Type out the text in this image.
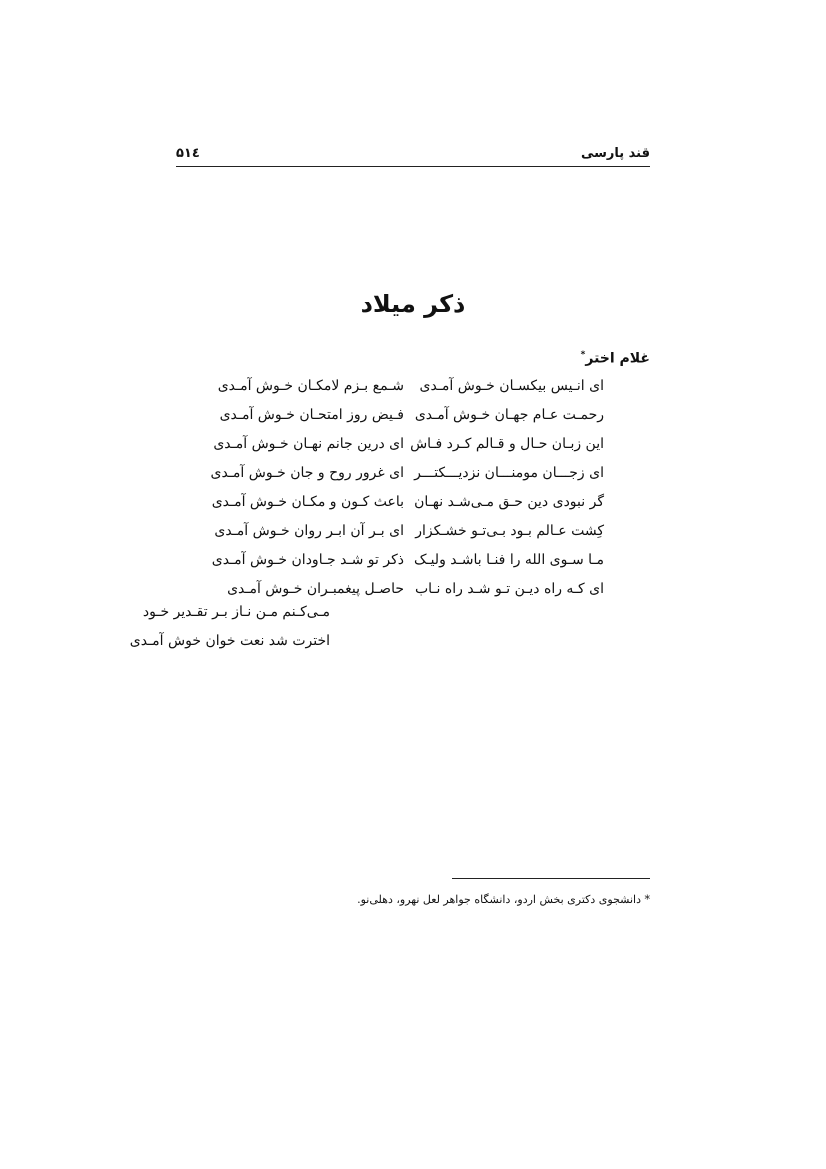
قند پارسی
۵۱٤
ذکر میلاد
غلام اختر*
ای انـیس بیکسـان خـوش آمـدی
شـمع بـزم لامکـان خـوش آمـدی
رحمـت عـام جهـان خـوش آمـدی
فـیض روز امتحـان خـوش آمـدی
این زبـان حـال و قـالم کـرد فـاش
ای درین جانم نهـان خـوش آمـدی
ای زجـــان مومنـــان نزدیـــکتـــر
ای غرور روح و جان خـوش آمـدی
گر نبودی دین حـق مـی‌شـد نهـان
باعث کـون و مکـان خـوش آمـدی
کِشت عـالم بـود بـی‌تـو خشـکزار
ای بـر آن ابـر روان خـوش آمـدی
مـا سـوی الله را فنـا باشـد ولیـک
ذکر تو شـد جـاودان خـوش آمـدی
ای کـه راه دیـن تـو شـد راه نـاب
حاصـل پیغمبـران خـوش آمـدی
مـی‌کـنم مـن نـاز بـر تقـدیر خـود
اخترت شد نعت خوان خوش آمـدی
* دانشجوی دکتری بخش اردو، دانشگاه جواهر لعل نهرو، دهلی‌نو.
